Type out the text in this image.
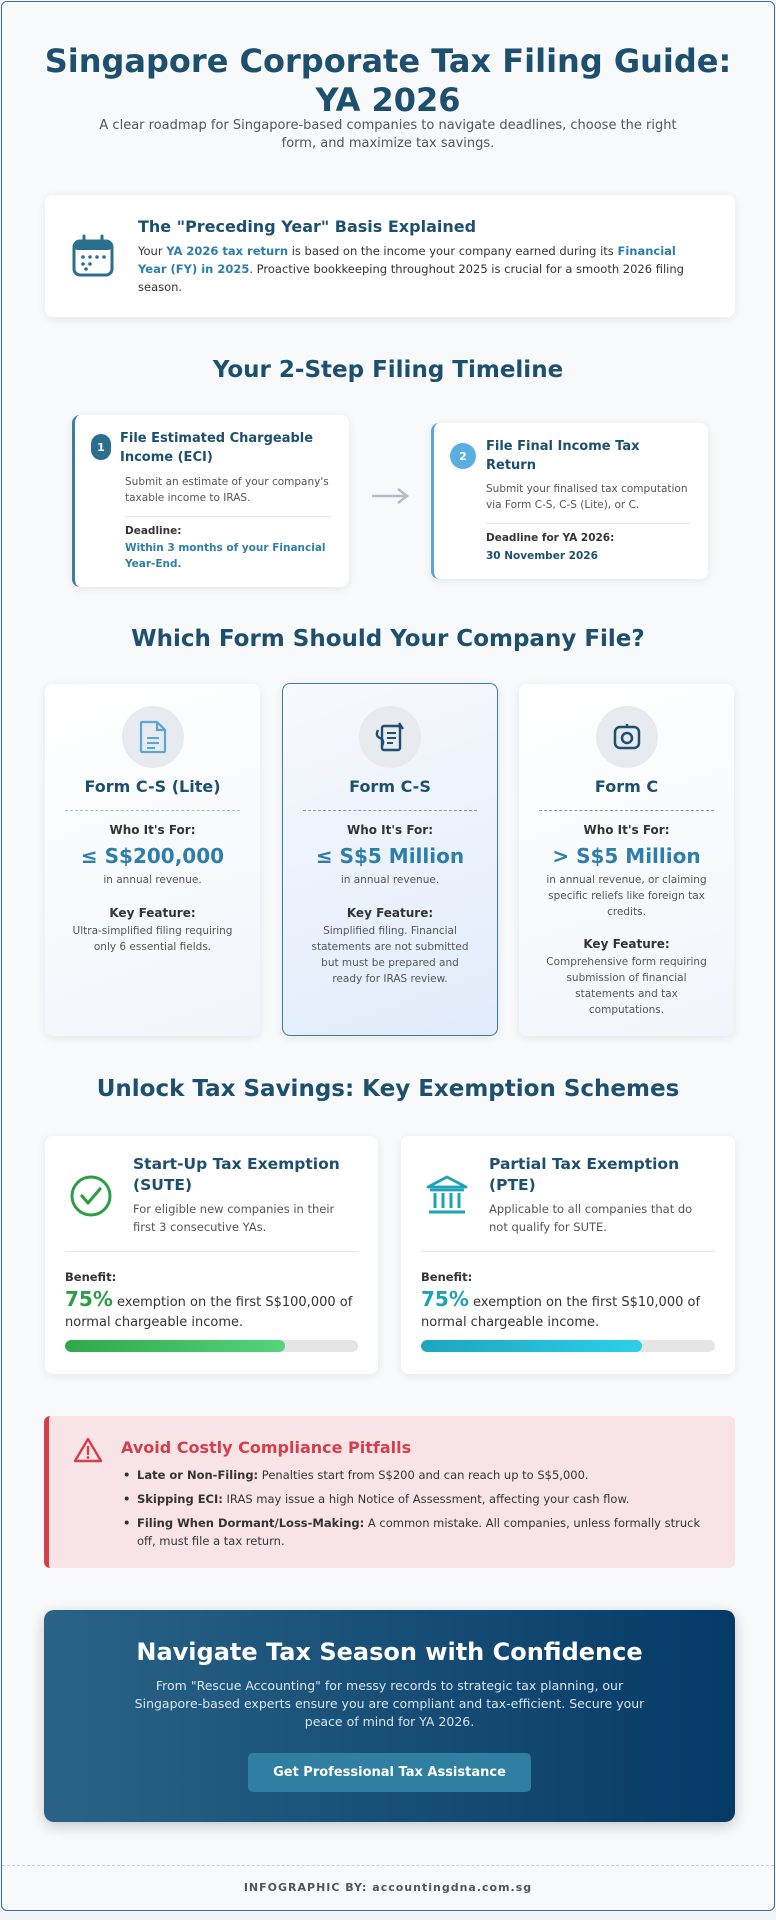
Singapore Corporate Tax Filing Guide: YA 2026

A clear roadmap for Singapore-based companies to navigate deadlines, choose the right form, and maximize tax savings.

The "Preceding Year" Basis Explained

Your YA 2026 tax return is based on the income your company earned during its Financial Year (FY) in 2025. Proactive bookkeeping throughout 2025 is crucial for a smooth 2026 filing season.

Your 2-Step Filing Timeline
1
File Estimated Chargeable Income (ECI)
Submit an estimate of your company's taxable income to IRAS.
Deadline:
Within 3 months of your Financial Year-End.
2
File Final Income Tax Return
Submit your finalised tax computation via Form C-S, C-S (Lite), or C.
Deadline for YA 2026:
30 November 2026
Which Form Should Your Company File?
Form C-S (Lite)
Who It's For:
≤ S$200,000
in annual revenue.
Key Feature:
Ultra-simplified filing requiring only 6 essential fields.
Form C-S
Who It's For:
≤ S$5 Million
in annual revenue.
Key Feature:
Simplified filing. Financial statements are not submitted but must be prepared and ready for IRAS review.
Form C
Who It's For:
> S$5 Million
in annual revenue, or claiming specific reliefs like foreign tax credits.
Key Feature:
Comprehensive form requiring submission of financial statements and tax computations.
Unlock Tax Savings: Key Exemption Schemes
Start-Up Tax Exemption (SUTE)
For eligible new companies in their first 3 consecutive YAs.
Benefit:
75% exemption on the first S$100,000 of normal chargeable income.
Partial Tax Exemption (PTE)
Applicable to all companies that do not qualify for SUTE.
Benefit:
75% exemption on the first S$10,000 of normal chargeable income.
Avoid Costly Compliance Pitfalls
• Late or Non-Filing: Penalties start from S$200 and can reach up to S$5,000.
• Skipping ECI: IRAS may issue a high Notice of Assessment, affecting your cash flow.
• Filing When Dormant/Loss-Making: A common mistake. All companies, unless formally struck off, must file a tax return.
Navigate Tax Season with Confidence

From "Rescue Accounting" for messy records to strategic tax planning, our Singapore-based experts ensure you are compliant and tax-efficient. Secure your peace of mind for YA 2026.

Get Professional Tax Assistance
INFOGRAPHIC BY: accountingdna.com.sg
